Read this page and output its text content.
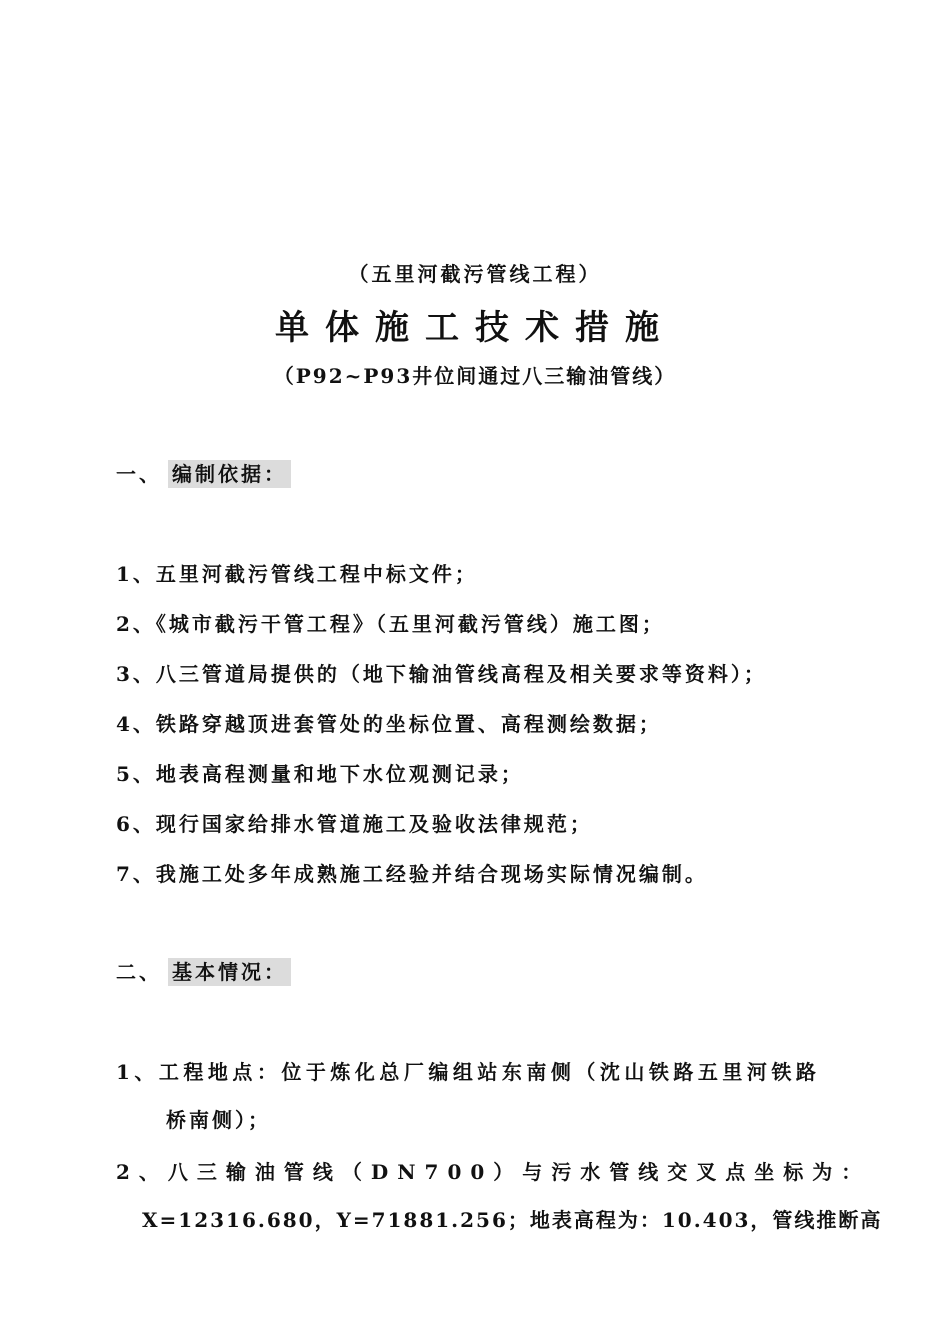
（五里河截污管线工程）
单体施工技术措施
（P92~P93井位间通过八三输油管线）
一、 编制依据：
1、五里河截污管线工程中标文件；
2、《城市截污干管工程》（五里河截污管线）施工图；
3、八三管道局提供的（地下输油管线高程及相关要求等资料）；
4、铁路穿越顶进套管处的坐标位置、高程测绘数据；
5、地表高程测量和地下水位观测记录；
6、现行国家给排水管道施工及验收法律规范；
7、我施工处多年成熟施工经验并结合现场实际情况编制。
二、 基本情况：
1、工程地点：位于炼化总厂编组站东南侧（沈山铁路五里河铁路
桥南侧）；
2、八三输油管线（DN700）与污水管线交叉点坐标为：
X=12316.680，Y=71881.256；地表高程为：10.403，管线推断高
